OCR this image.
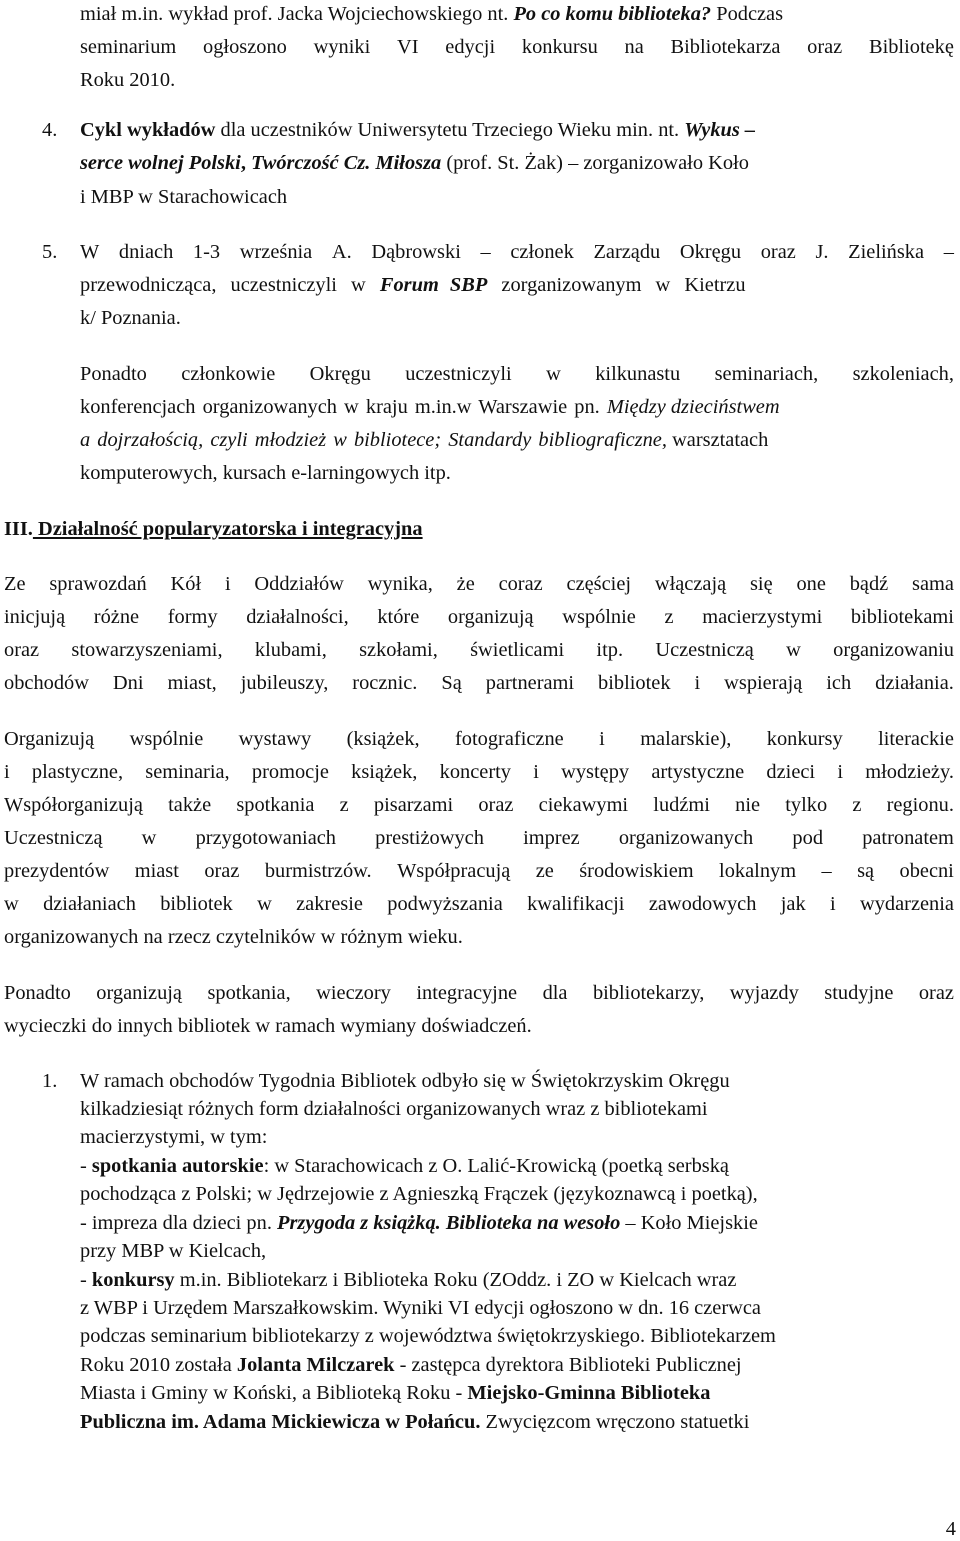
miał m.in. wykład prof. Jacka Wojciechowskiego nt. Po co komu biblioteka? Podczas
seminarium ogłoszono wyniki VI edycji konkursu na Bibliotekarza oraz Bibliotekę
Roku 2010.
4. Cykl wykładów dla uczestników Uniwersytetu Trzeciego Wieku min. nt. Wykus –
serce wolnej Polski, Twórczość Cz. Miłosza (prof. St. Żak) – zorganizowało Koło
i MBP w Starachowicach
5. W dniach 1-3 września A. Dąbrowski – członek Zarządu Okręgu oraz J. Zielińska –
przewodnicząca, uczestniczyli w Forum SBP zorganizowanym w Kietrzu
k/ Poznania.
Ponadto członkowie Okręgu uczestniczyli w kilkunastu seminariach, szkoleniach,
konferencjach organizowanych w kraju m.in.w Warszawie pn. Między dzieciństwem
a dojrzałością, czyli młodzież w bibliotece; Standardy bibliograficzne, warsztatach
komputerowych, kursach e-larningowych itp.
III. Działalność popularyzatorska i integracyjna
Ze sprawozdań Kół i Oddziałów wynika, że coraz częściej włączają się one bądź sama
inicjują różne formy działalności, które organizują wspólnie z macierzystymi bibliotekami
oraz stowarzyszeniami, klubami, szkołami, świetlicami itp. Uczestniczą w organizowaniu
obchodów Dni miast, jubileuszy, rocznic. Są partnerami bibliotek i wspierają ich działania.
Organizują wspólnie wystawy (książek, fotograficzne i malarskie), konkursy literackie
i plastyczne, seminaria, promocje książek, koncerty i występy artystyczne dzieci i młodzieży.
Współorganizują także spotkania z pisarzami oraz ciekawymi ludźmi nie tylko z regionu.
Uczestniczą w przygotowaniach prestiżowych imprez organizowanych pod patronatem
prezydentów miast oraz burmistrzów. Współpracują ze środowiskiem lokalnym – są obecni
w działaniach bibliotek w zakresie podwyższania kwalifikacji zawodowych jak i wydarzenia
organizowanych na rzecz czytelników w różnym wieku.
Ponadto organizują spotkania, wieczory integracyjne dla bibliotekarzy, wyjazdy studyjne oraz
wycieczki do innych bibliotek w ramach wymiany doświadczeń.
1. W ramach obchodów Tygodnia Bibliotek odbyło się w Świętokrzyskim Okręgu
kilkadziesiąt różnych form działalności organizowanych wraz z bibliotekami
macierzystymi, w tym:
- spotkania autorskie: w Starachowicach z O. Lalić-Krowicką (poetką serbską
pochodząca z Polski; w Jędrzejowie z Agnieszką Frączek (językoznawcą i poetką),
- impreza dla dzieci pn. Przygoda z książką. Biblioteka na wesoło – Koło Miejskie
przy MBP w Kielcach,
- konkursy m.in. Bibliotekarz i Biblioteka Roku (ZOddz. i ZO w Kielcach wraz
z WBP i Urzędem Marszałkowskim. Wyniki VI edycji ogłoszono w dn. 16 czerwca
podczas seminarium bibliotekarzy z województwa świętokrzyskiego. Bibliotekarzem
Roku 2010 została Jolanta Milczarek - zastępca dyrektora Biblioteki Publicznej
Miasta i Gminy w Koński, a Biblioteką Roku - Miejsko-Gminna Biblioteka
Publiczna im. Adama Mickiewicza w Połańcu. Zwycięzcom wręczono statuetki
4
